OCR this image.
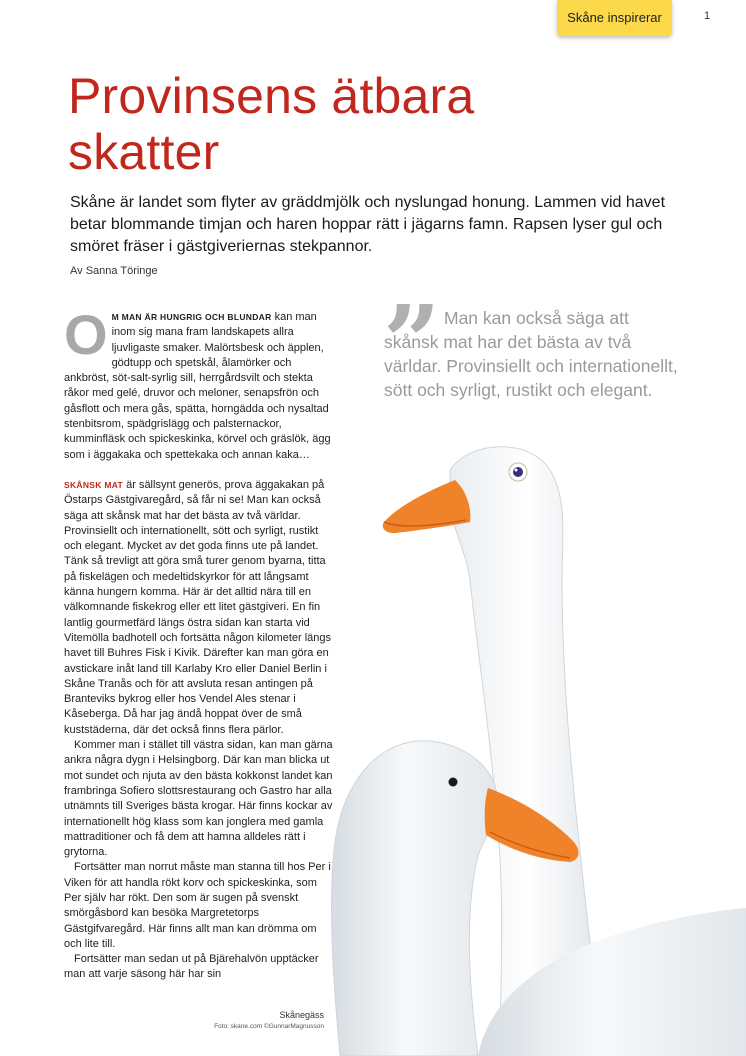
Skåne inspirerar	1
Provinsens ätbara skatter

Skåne är landet som flyter av gräddmjölk och nyslungad honung. Lammen vid havet betar blommande timjan och haren hoppar rätt i jägarns famn. Rapsen lyser gul och smöret fräser i gästgiveriernas stekpannor.

Av Sanna Töringe

OM MAN ÄR HUNGRIG OCH BLUNDAR kan man inom sig mana fram landskapets allra ljuvligaste smaker. Malörtsbesk och äpplen, gödtupp och spetskål, ålamörker och ankbröst, söt-salt-syrlig sill, herrgårdsvilt och stekta råkor med gelé, druvor och meloner, senapsfrön och gåsflott och mera gås, spätta, horngädda och nysaltad stenbitsrom, spädgrislägg och palsternackor, kumminfläsk och spickeskinka, körvel och gräslök, ägg som i äggakaka och spettekaka och annan kaka…

SKÅNSK MAT är sällsynt generös, prova äggakakan på Östarps Gästgivaregård, så får ni se! Man kan också säga att skånsk mat har det bästa av två världar. Provinsiellt och internationellt, sött och syrligt, rustikt och elegant. Mycket av det goda finns ute på landet. Tänk så trevligt att göra små turer genom byarna, titta på fiskelägen och medeltidskyrkor för att långsamt känna hungern komma. Här är det alltid nära till en välkomnande fiskekrog eller ett litet gästgiveri. En fin lantlig gourmetfärd längs östra sidan kan starta vid Vitemölla badhotell och fortsätta någon kilometer längs havet till Buhres Fisk i Kivik. Därefter kan man göra en avstickare inåt land till Karlaby Kro eller Daniel Berlin i Skåne Tranås och för att avsluta resan antingen på Branteviks bykrog eller hos Vendel Ales stenar i Kåseberga. Då har jag ändå hoppat över de små kuststäderna, där det också finns flera pärlor.

Kommer man i stället till västra sidan, kan man gärna ankra några dygn i Helsingborg. Där kan man blicka ut mot sundet och njuta av den bästa kokkonst landet kan frambringa Sofiero slottsrestaurang och Gastro har alla utnämnts till Sveriges bästa krogar. Här finns kockar av internationellt hög klass som kan jonglera med gamla mattraditioner och få dem att hamna alldeles rätt i grytorna.

Fortsätter man norrut måste man stanna till hos Per i Viken för att handla rökt korv och spickeskinka, som Per själv har rökt. Den som är sugen på svenskt smörgåsbord kan besöka Margretetorps Gästgifvaregård. Här finns allt man kan drömma om och lite till.

Fortsätter man sedan ut på Bjärehalvön upptäcker man att varje säsong här har sin

” Man kan också säga att skånsk mat har det bästa av två världar. Provinsiellt och internationellt, sött och syrligt, rustikt och elegant.

Skånegäss
Foto: skane.com ©GunnarMagnusson
